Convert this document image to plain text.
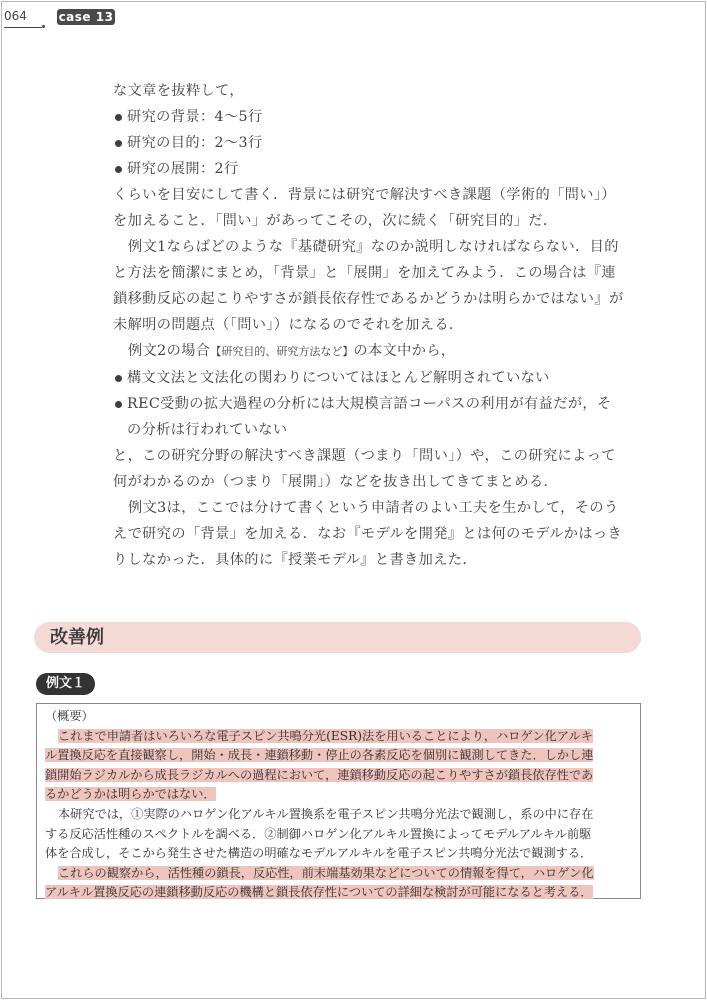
064	case 13

な文章を抜粋して，

研究の背景：4〜5行
研究の目的：2〜3行
研究の展開：2行

くらいを目安にして書く．背景には研究で解決すべき課題（学術的「問い」）

を加えること．「問い」があってこその，次に続く「研究目的」だ．

例文1ならばどのような『基礎研究』なのか説明しなければならない．目的

と方法を簡潔にまとめ，「背景」と「展開」を加えてみよう．この場合は『連

鎖移動反応の起こりやすさが鎖長依存性であるかどうかは明らかではない』が

未解明の問題点（「問い」）になるのでそれを加える．

例文2の場合【研究目的、研究方法など】の本文中から，

構文文法と文法化の関わりについてはほとんど解明されていない
REC受動の拡大過程の分析には大規模言語コーパスの利用が有益だが，そ
の分析は行われていない

と，この研究分野の解決すべき課題（つまり「問い」）や，この研究によって

何がわかるのか（つまり「展開」）などを抜き出してきてまとめる．

例文3は，ここでは分けて書くという申請者のよい工夫を生かして，そのう

えで研究の「背景」を加える．なお『モデルを開発』とは何のモデルかはっき

りしなかった．具体的に『授業モデル』と書き加えた．

改善例
例文１

（概要）

これまで申請者はいろいろな電子スピン共鳴分光(ESR)法を用いることにより，ハロゲン化アルキ

ル置換反応を直接観察し，開始・成長・連鎖移動・停止の各素反応を個別に観測してきた．しかし連

鎖開始ラジカルから成長ラジカルへの過程において，連鎖移動反応の起こりやすさが鎖長依存性であ

るかどうかは明らかではない．

本研究では，①実際のハロゲン化アルキル置換系を電子スピン共鳴分光法で観測し，系の中に存在

する反応活性種のスペクトルを調べる．②制御ハロゲン化アルキル置換によってモデルアルキル前駆

体を合成し，そこから発生させた構造の明確なモデルアルキルを電子スピン共鳴分光法で観測する．

これらの観察から，活性種の鎖長，反応性，前末端基効果などについての情報を得て，ハロゲン化

アルキル置換反応の連鎖移動反応の機構と鎖長依存性についての詳細な検討が可能になると考える．
